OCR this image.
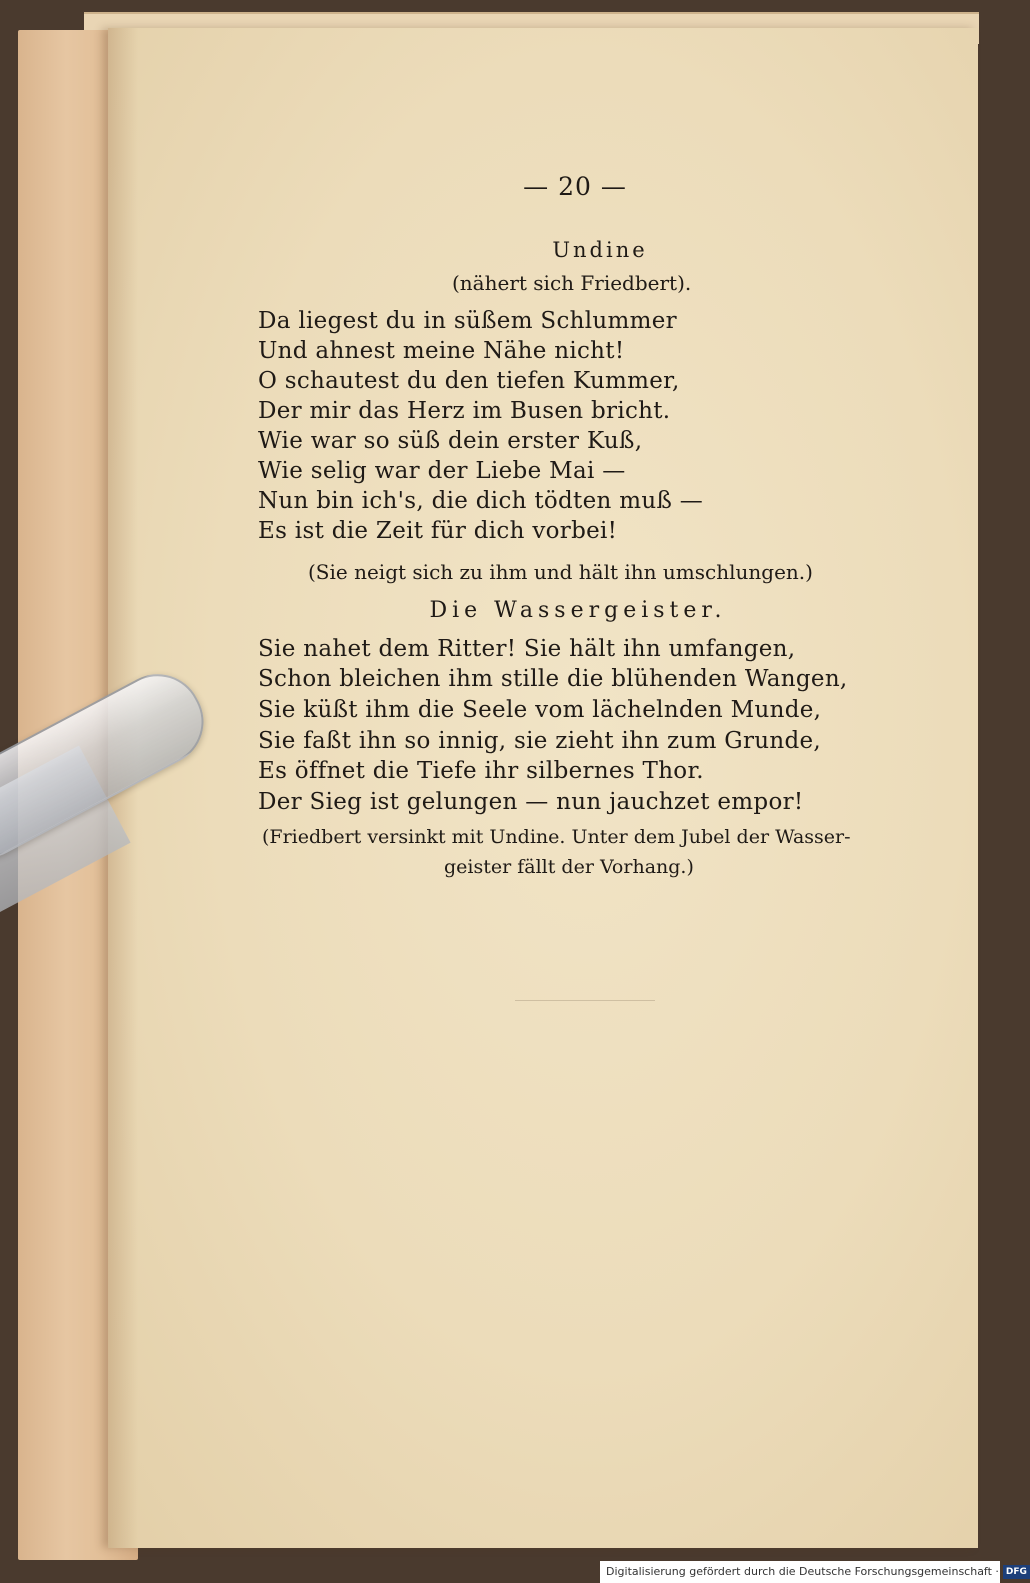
— 20 —
Undine
(nähert sich Friedbert).
Da liegest du in süßem Schlummer
Und ahnest meine Nähe nicht!
O schautest du den tiefen Kummer,
Der mir das Herz im Busen bricht.
Wie war so süß dein erster Kuß,
Wie selig war der Liebe Mai —
Nun bin ich's, die dich tödten muß —
Es ist die Zeit für dich vorbei!
(Sie neigt sich zu ihm und hält ihn umschlungen.)
Die Wassergeister.
Sie nahet dem Ritter! Sie hält ihn umfangen,
Schon bleichen ihm stille die blühenden Wangen,
Sie küßt ihm die Seele vom lächelnden Munde,
Sie faßt ihn so innig, sie zieht ihn zum Grunde,
Es öffnet die Tiefe ihr silbernes Thor.
Der Sieg ist gelungen — nun jauchzet empor!
(Friedbert versinkt mit Undine. Unter dem Jubel der Wasser-
geister fällt der Vorhang.)
Digitalisierung gefördert durch die Deutsche Forschungsgemeinschaft · DFG
